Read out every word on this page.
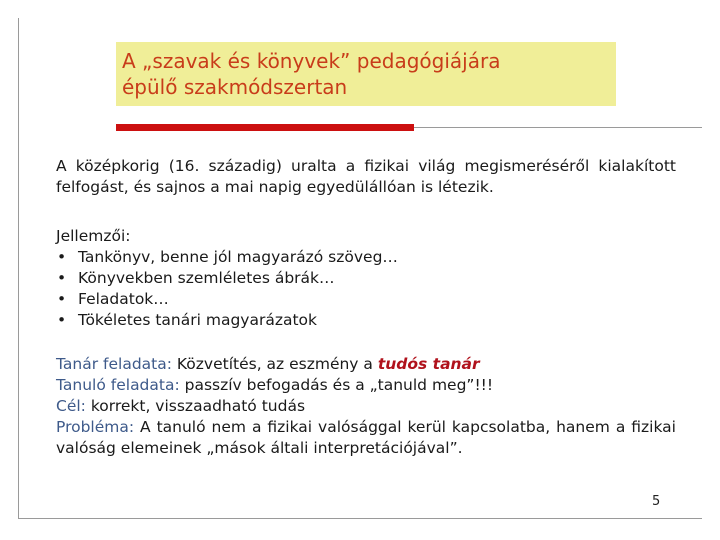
A „szavak és könyvek” pedagógiájára
épülő szakmódszertan
A középkorig (16. századig) uralta a fizikai világ megismeréséről kialakított felfogást, és sajnos a mai napig egyedülállóan is létezik.
Jellemzői:
• Tankönyv, benne jól magyarázó szöveg…
• Könyvekben szemléletes ábrák…
• Feladatok…
• Tökéletes tanári magyarázatok
Tanár feladata: Közvetítés, az eszmény a tudós tanár
Tanuló feladata: passzív befogadás és a „tanuld meg”!!!
Cél: korrekt, visszaadható tudás
Probléma: A tanuló nem a fizikai valósággal kerül kapcsolatba, hanem a fizikai valóság elemeinek „mások általi interpretációjával”.
5
